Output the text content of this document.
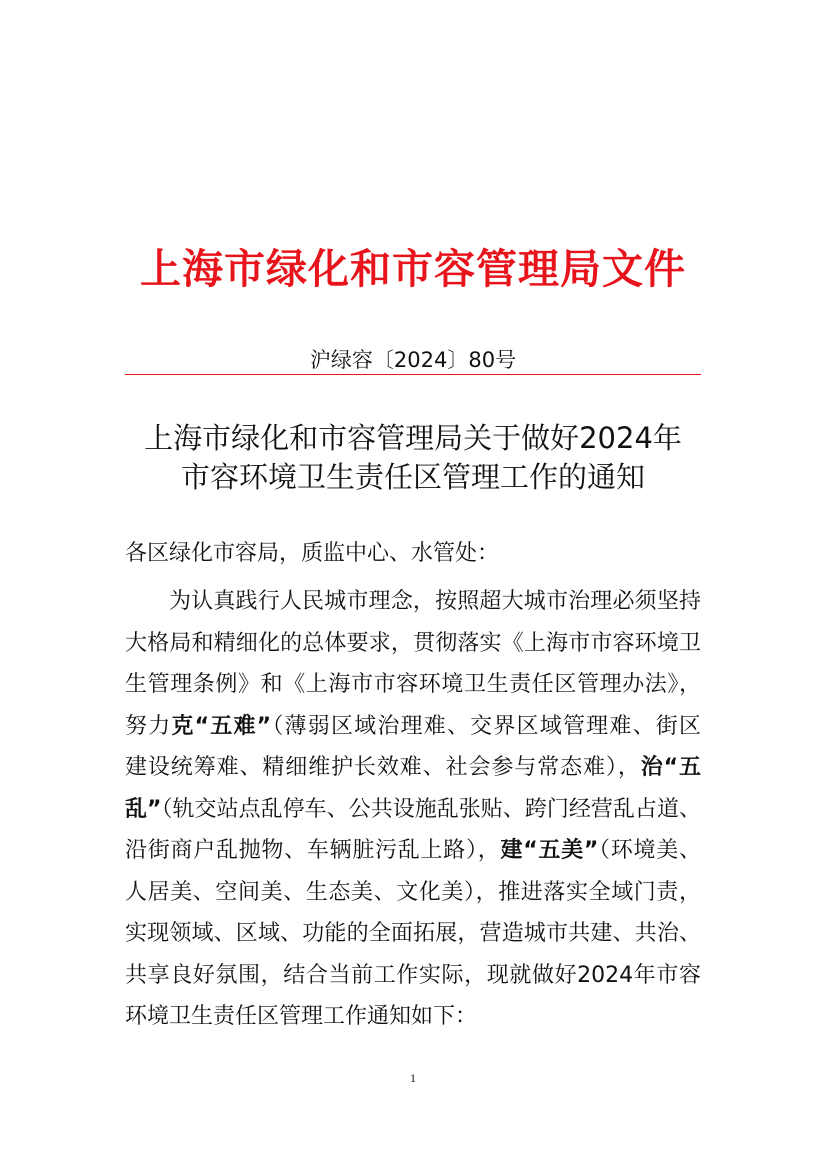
上海市绿化和市容管理局文件
沪绿容〔2024〕80号
上海市绿化和市容管理局关于做好2024年
市容环境卫生责任区管理工作的通知
各区绿化市容局，质监中心、水管处：
为认真践行人民城市理念，按照超大城市治理必须坚持
大格局和精细化的总体要求，贯彻落实《上海市市容环境卫
生管理条例》和《上海市市容环境卫生责任区管理办法》，
努力克“五难”（薄弱区域治理难、交界区域管理难、街区
建设统筹难、精细维护长效难、社会参与常态难），治“五
乱”（轨交站点乱停车、公共设施乱张贴、跨门经营乱占道、
沿街商户乱抛物、车辆脏污乱上路），建“五美”（环境美、
人居美、空间美、生态美、文化美），推进落实全域门责，
实现领域、区域、功能的全面拓展，营造城市共建、共治、
共享良好氛围，结合当前工作实际，现就做好2024年市容
环境卫生责任区管理工作通知如下：
1
